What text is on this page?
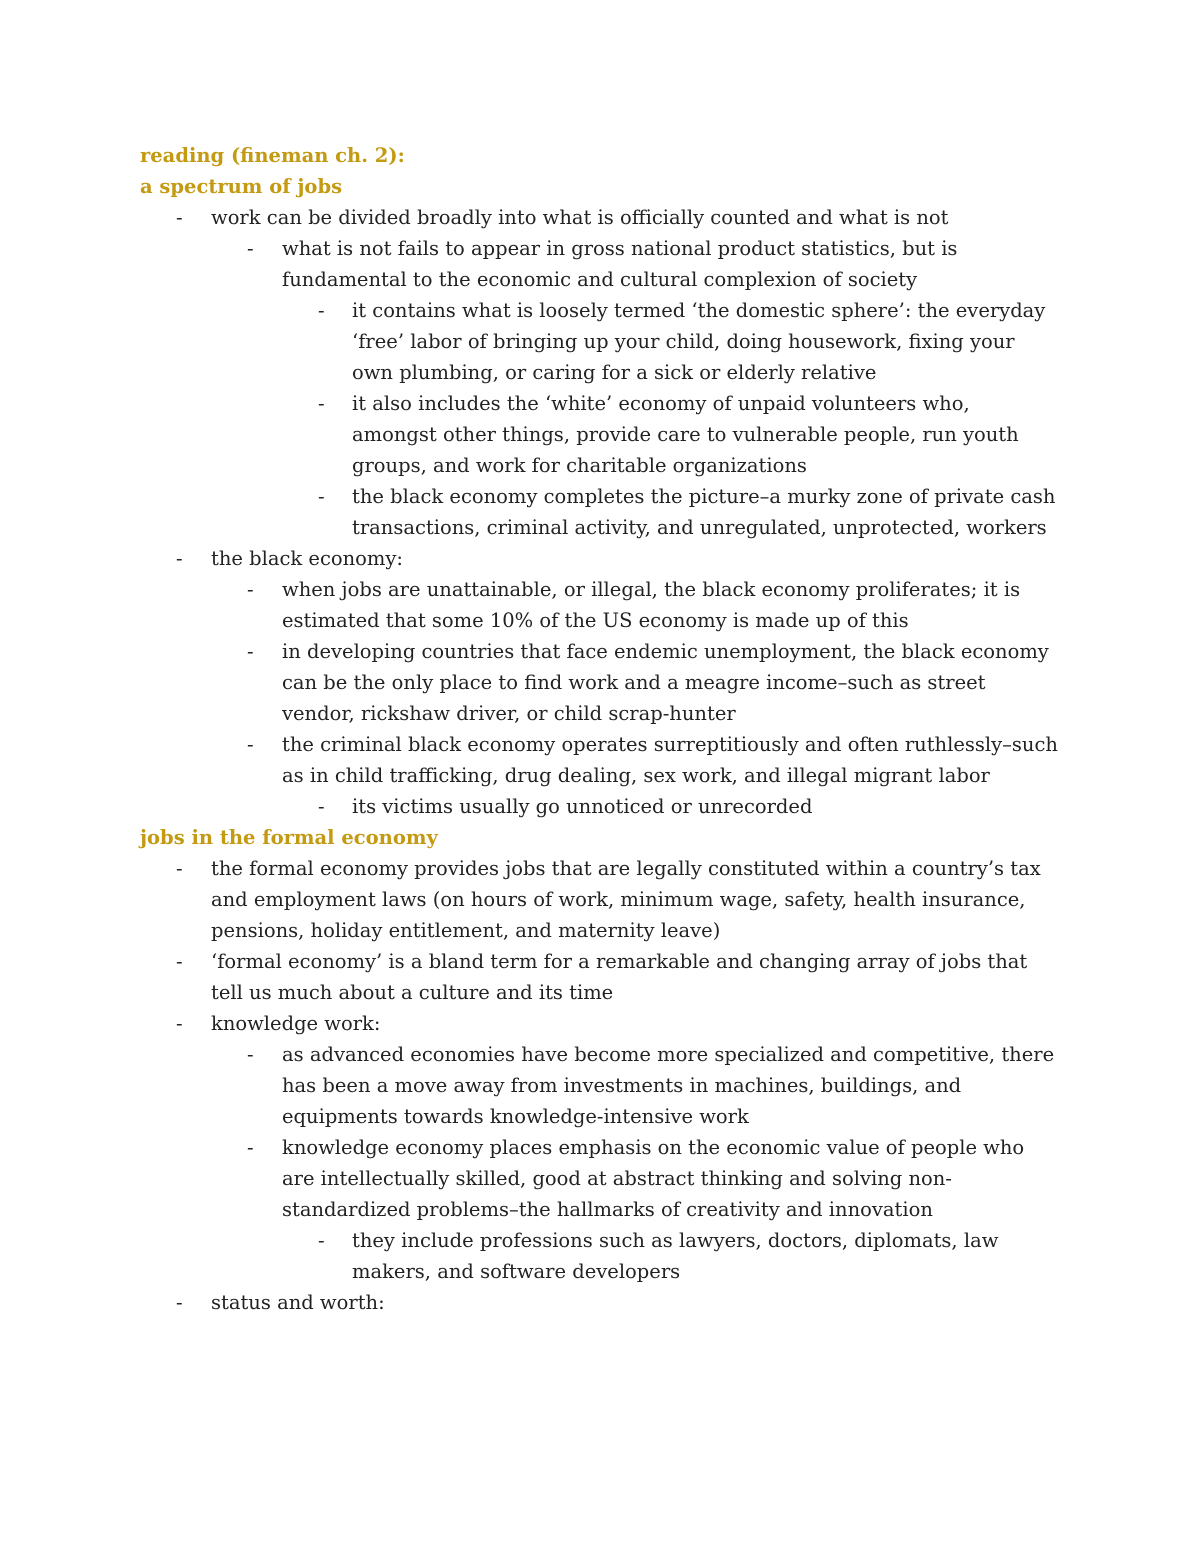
reading (fineman ch. 2):

a spectrum of jobs

- work can be divided broadly into what is officially counted and what is not
- what is not fails to appear in gross national product statistics, but is fundamental to the economic and cultural complexion of society
- it contains what is loosely termed ‘the domestic sphere’: the everyday ‘free’ labor of bringing up your child, doing housework, fixing your own plumbing, or caring for a sick or elderly relative
- it also includes the ‘white’ economy of unpaid volunteers who, amongst other things, provide care to vulnerable people, run youth groups, and work for charitable organizations
- the black economy completes the picture–a murky zone of private cash transactions, criminal activity, and unregulated, unprotected, workers
- the black economy:
- when jobs are unattainable, or illegal, the black economy proliferates; it is estimated that some 10% of the US economy is made up of this
- in developing countries that face endemic unemployment, the black economy can be the only place to find work and a meagre income–such as street vendor, rickshaw driver, or child scrap-hunter
- the criminal black economy operates surreptitiously and often ruthlessly–such as in child trafficking, drug dealing, sex work, and illegal migrant labor
- its victims usually go unnoticed or unrecorded

jobs in the formal economy

- the formal economy provides jobs that are legally constituted within a country’s tax and employment laws (on hours of work, minimum wage, safety, health insurance, pensions, holiday entitlement, and maternity leave)
- ‘formal economy’ is a bland term for a remarkable and changing array of jobs that tell us much about a culture and its time
- knowledge work:
- as advanced economies have become more specialized and competitive, there has been a move away from investments in machines, buildings, and equipments towards knowledge-intensive work
- knowledge economy places emphasis on the economic value of people who are intellectually skilled, good at abstract thinking and solving non-standardized problems–the hallmarks of creativity and innovation
- they include professions such as lawyers, doctors, diplomats, law makers, and software developers
- status and worth:
